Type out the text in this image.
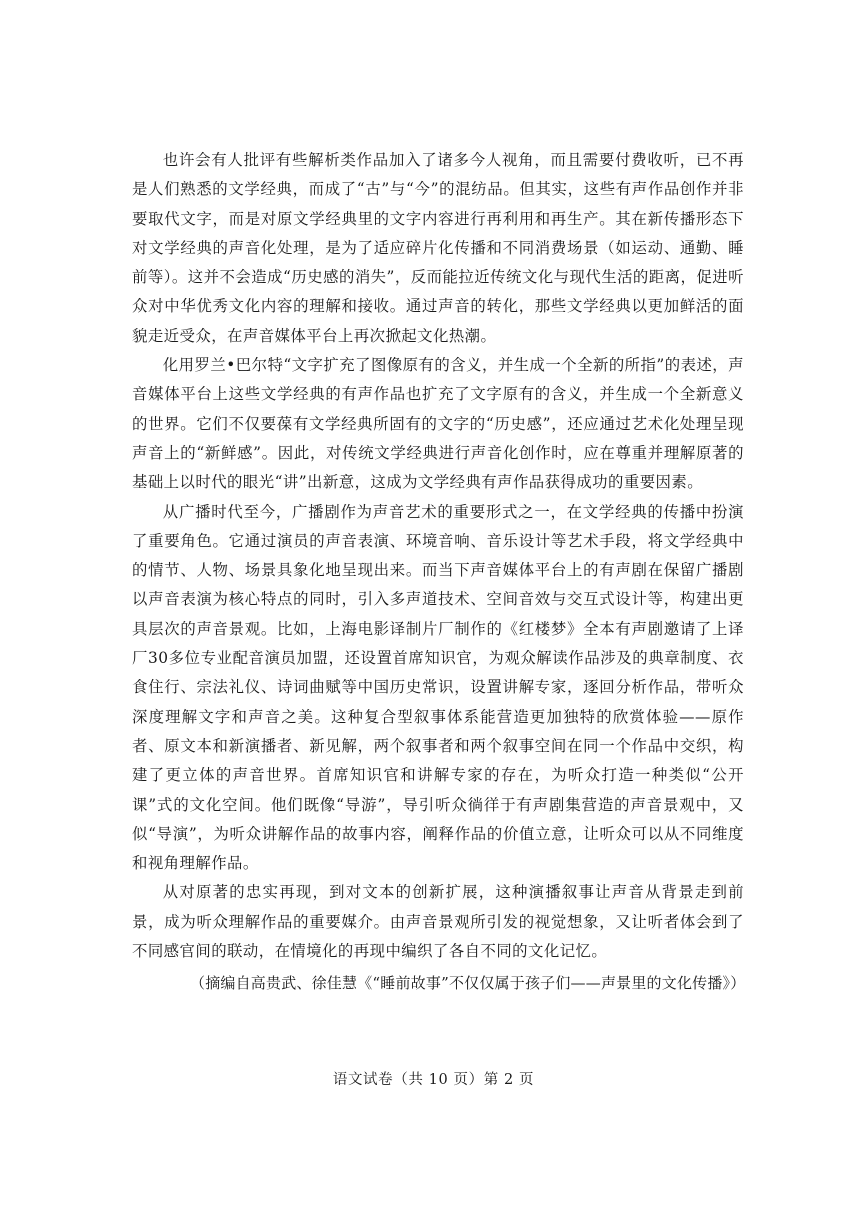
也许会有人批评有些解析类作品加入了诸多今人视角，而且需要付费收听，已不再是人们熟悉的文学经典，而成了“古”与“今”的混纺品。但其实，这些有声作品创作并非要取代文字，而是对原文学经典里的文字内容进行再利用和再生产。其在新传播形态下对文学经典的声音化处理，是为了适应碎片化传播和不同消费场景（如运动、通勤、睡前等）。这并不会造成“历史感的消失”，反而能拉近传统文化与现代生活的距离，促进听众对中华优秀文化内容的理解和接收。通过声音的转化，那些文学经典以更加鲜活的面貌走近受众，在声音媒体平台上再次掀起文化热潮。

化用罗兰•巴尔特“文字扩充了图像原有的含义，并生成一个全新的所指”的表述，声音媒体平台上这些文学经典的有声作品也扩充了文字原有的含义，并生成一个全新意义的世界。它们不仅要葆有文学经典所固有的文字的“历史感”，还应通过艺术化处理呈现声音上的“新鲜感”。因此，对传统文学经典进行声音化创作时，应在尊重并理解原著的基础上以时代的眼光“讲”出新意，这成为文学经典有声作品获得成功的重要因素。

从广播时代至今，广播剧作为声音艺术的重要形式之一，在文学经典的传播中扮演了重要角色。它通过演员的声音表演、环境音响、音乐设计等艺术手段，将文学经典中的情节、人物、场景具象化地呈现出来。而当下声音媒体平台上的有声剧在保留广播剧以声音表演为核心特点的同时，引入多声道技术、空间音效与交互式设计等，构建出更具层次的声音景观。比如，上海电影译制片厂制作的《红楼梦》全本有声剧邀请了上译厂30多位专业配音演员加盟，还设置首席知识官，为观众解读作品涉及的典章制度、衣食住行、宗法礼仪、诗词曲赋等中国历史常识，设置讲解专家，逐回分析作品，带听众深度理解文字和声音之美。这种复合型叙事体系能营造更加独特的欣赏体验——原作者、原文本和新演播者、新见解，两个叙事者和两个叙事空间在同一个作品中交织，构建了更立体的声音世界。首席知识官和讲解专家的存在，为听众打造一种类似“公开课”式的文化空间。他们既像“导游”，导引听众徜徉于有声剧集营造的声音景观中，又似“导演”，为听众讲解作品的故事内容，阐释作品的价值立意，让听众可以从不同维度和视角理解作品。

从对原著的忠实再现，到对文本的创新扩展，这种演播叙事让声音从背景走到前景，成为听众理解作品的重要媒介。由声音景观所引发的视觉想象，又让听者体会到了不同感官间的联动，在情境化的再现中编织了各自不同的文化记忆。

（摘编自高贵武、徐佳慧《“睡前故事”不仅仅属于孩子们——声景里的文化传播》）
语文试卷（共 10 页）第 2 页
